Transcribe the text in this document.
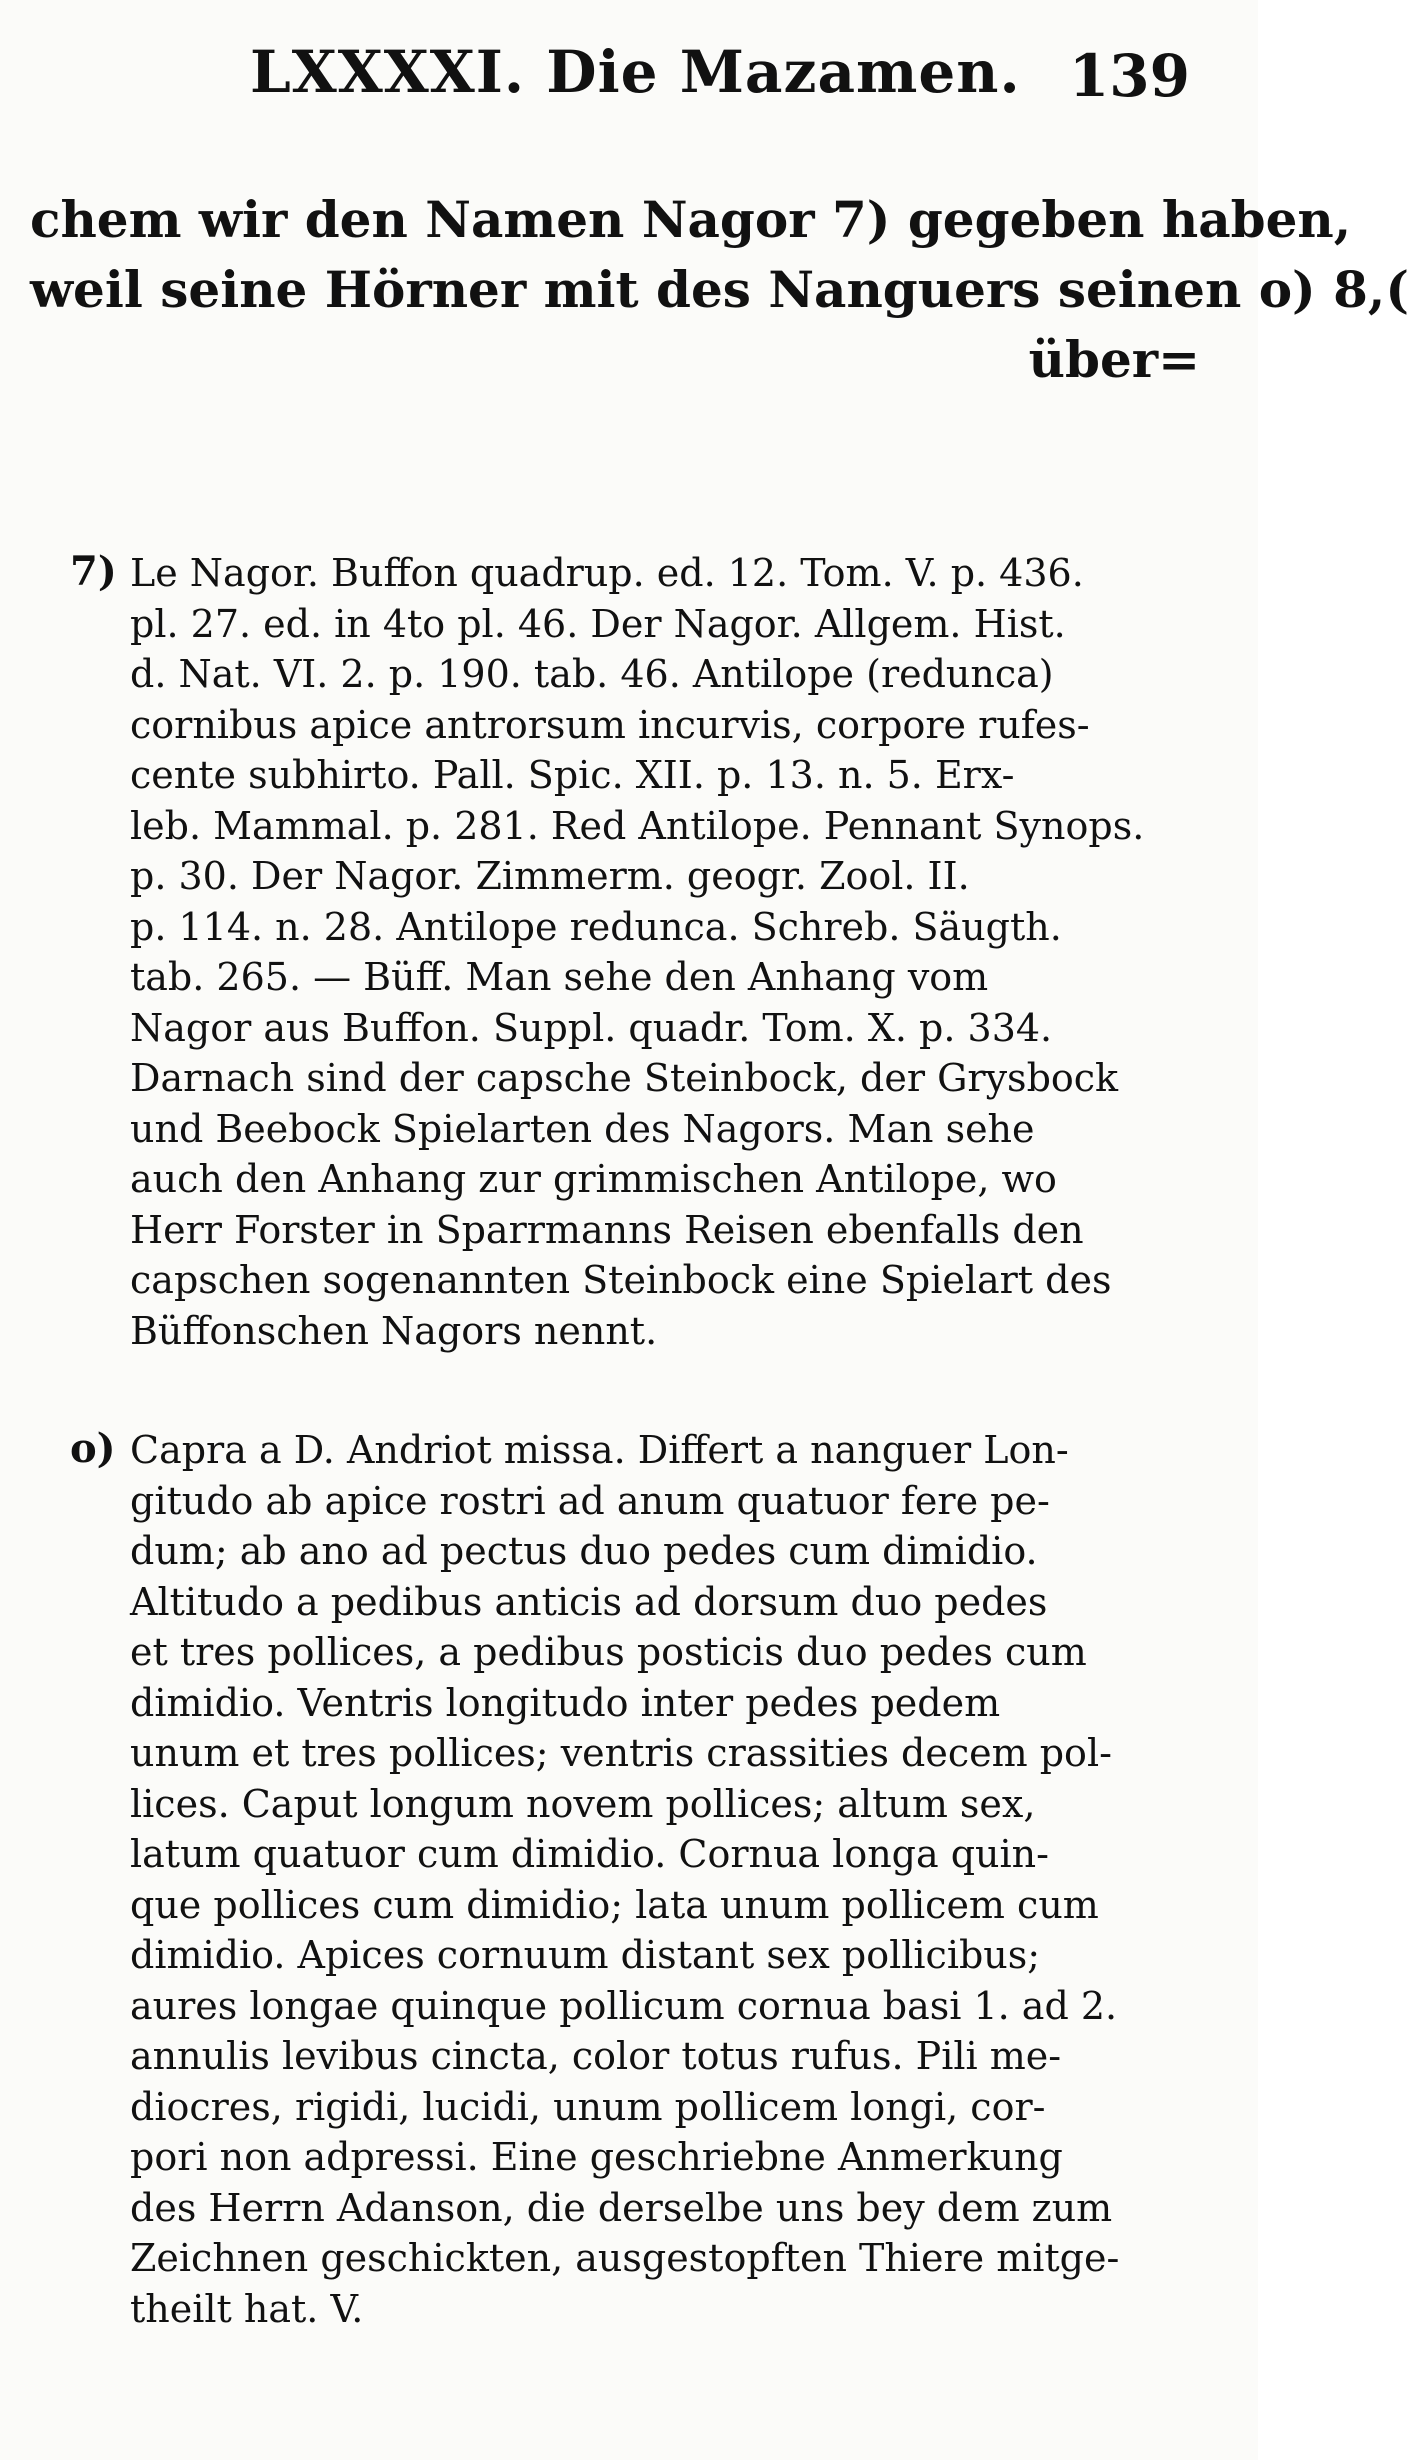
LXXXXI. Die Mazamen. 139
chem wir den Namen Nagor 7) gegeben haben,
weil seine Hörner mit des Nanguers seinen o) 8,(
über=
7) Le Nagor. Buffon quadrup. ed. 12. Tom. V. p. 436.
pl. 27. ed. in 4to pl. 46. Der Nagor. Allgem. Hist.
d. Nat. VI. 2. p. 190. tab. 46. Antilope (redunca)
cornibus apice antrorsum incurvis, corpore rufes-
cente subhirto. Pall. Spic. XII. p. 13. n. 5. Erx-
leb. Mammal. p. 281. Red Antilope. Pennant Synops.
p. 30. Der Nagor. Zimmerm. geogr. Zool. II.
p. 114. n. 28. Antilope redunca. Schreb. Säugth.
tab. 265. — Büff. Man sehe den Anhang vom
Nagor aus Buffon. Suppl. quadr. Tom. X. p. 334.
Darnach sind der capsche Steinbock, der Grysbock
und Beebock Spielarten des Nagors. Man sehe
auch den Anhang zur grimmischen Antilope, wo
Herr Forster in Sparrmanns Reisen ebenfalls den
capschen sogenannten Steinbock eine Spielart des
Büffonschen Nagors nennt.
o) Capra a D. Andriot missa. Differt a nanguer Lon-
gitudo ab apice rostri ad anum quatuor fere pe-
dum; ab ano ad pectus duo pedes cum dimidio.
Altitudo a pedibus anticis ad dorsum duo pedes
et tres pollices, a pedibus posticis duo pedes cum
dimidio. Ventris longitudo inter pedes pedem
unum et tres pollices; ventris crassities decem pol-
lices. Caput longum novem pollices; altum sex,
latum quatuor cum dimidio. Cornua longa quin-
que pollices cum dimidio; lata unum pollicem cum
dimidio. Apices cornuum distant sex pollicibus;
aures longae quinque pollicum cornua basi 1. ad 2.
annulis levibus cincta, color totus rufus. Pili me-
diocres, rigidi, lucidi, unum pollicem longi, cor-
pori non adpressi. Eine geschriebne Anmerkung
des Herrn Adanson, die derselbe uns bey dem zum
Zeichnen geschickten, ausgestopften Thiere mitge-
theilt hat. V.
